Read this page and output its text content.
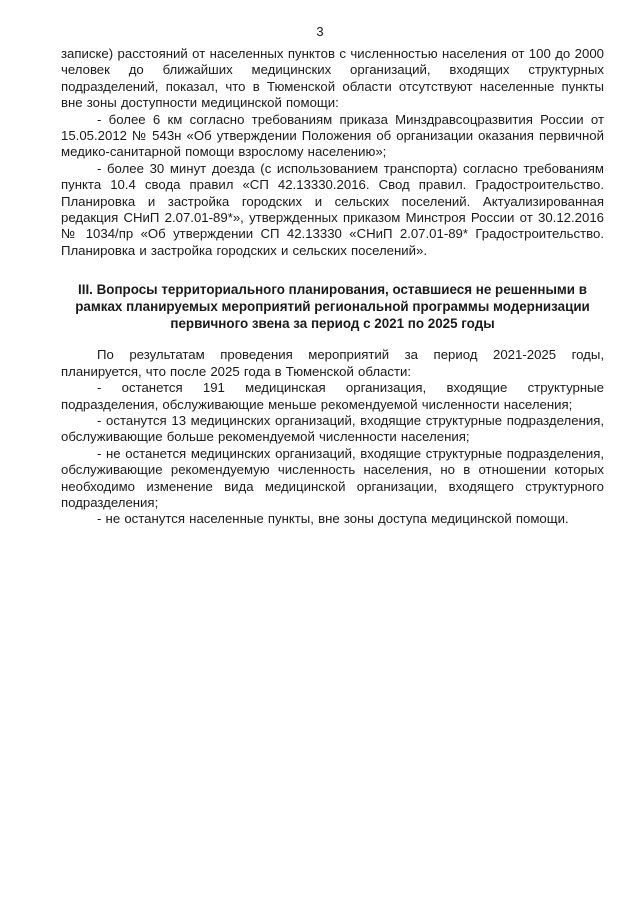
3

записке) расстояний от населенных пунктов с численностью населения от 100 до 2000 человек до ближайших медицинских организаций, входящих структурных подразделений, показал, что в Тюменской области отсутствуют населенные пункты вне зоны доступности медицинской помощи:

- более 6 км согласно требованиям приказа Минздравсоцразвития России от 15.05.2012 № 543н «Об утверждении Положения об организации оказания первичной медико-санитарной помощи взрослому населению»;

- более 30 минут доезда (с использованием транспорта) согласно требованиям пункта 10.4 свода правил «СП 42.13330.2016. Свод правил. Градостроительство. Планировка и застройка городских и сельских поселений. Актуализированная редакция СНиП 2.07.01-89*», утвержденных приказом Минстроя России от 30.12.2016 № 1034/пр «Об утверждении СП 42.13330 «СНиП 2.07.01-89* Градостроительство. Планировка и застройка городских и сельских поселений».

III. Вопросы территориального планирования, оставшиеся не решенными в рамках планируемых мероприятий региональной программы модернизации первичного звена за период с 2021 по 2025 годы

По результатам проведения мероприятий за период 2021-2025 годы, планируется, что после 2025 года в Тюменской области:

- останется 191 медицинская организация, входящие структурные подразделения, обслуживающие меньше рекомендуемой численности населения;

- останутся 13 медицинских организаций, входящие структурные подразделения, обслуживающие больше рекомендуемой численности населения;

- не останется медицинских организаций, входящие структурные подразделения, обслуживающие рекомендуемую численность населения, но в отношении которых необходимо изменение вида медицинской организации, входящего структурного подразделения;

- не останутся населенные пункты, вне зоны доступа медицинской помощи.
